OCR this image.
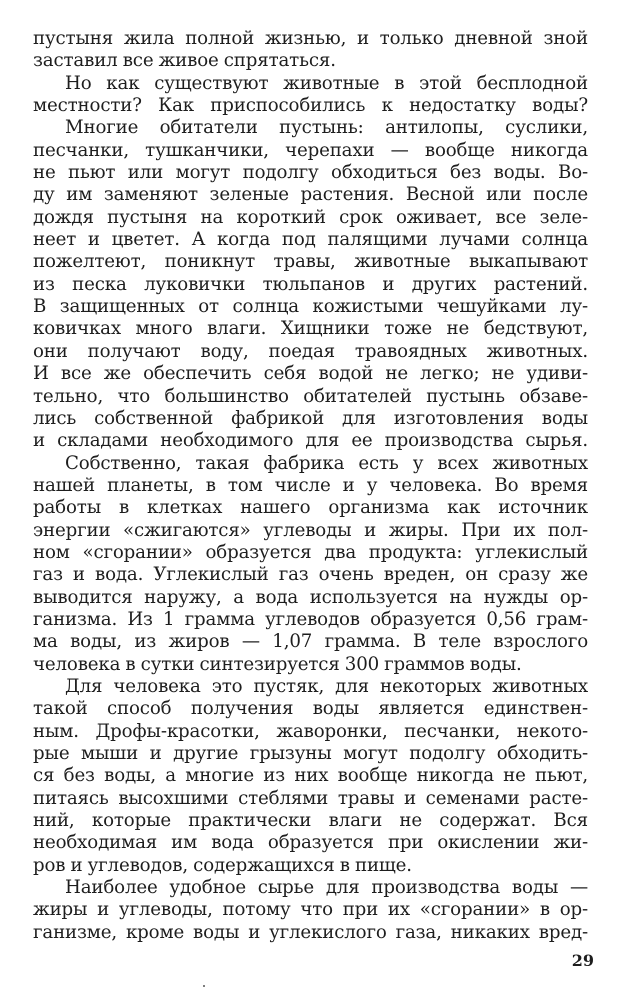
пустыня жила полной жизнью, и только дневной зной
заставил все живое спрятаться.
Но как существуют животные в этой бесплодной
местности? Как приспособились к недостатку воды?
Многие обитатели пустынь: антилопы, суслики,
песчанки, тушканчики, черепахи — вообще никогда
не пьют или могут подолгу обходиться без воды. Во-
ду им заменяют зеленые растения. Весной или после
дождя пустыня на короткий срок оживает, все зеле-
неет и цветет. А когда под палящими лучами солнца
пожелтеют, поникнут травы, животные выкапывают
из песка луковички тюльпанов и других растений.
В защищенных от солнца кожистыми чешуйками лу-
ковичках много влаги. Хищники тоже не бедствуют,
они получают воду, поедая травоядных животных.
И все же обеспечить себя водой не легко; не удиви-
тельно, что большинство обитателей пустынь обзаве-
лись собственной фабрикой для изготовления воды
и складами необходимого для ее производства сырья.
Собственно, такая фабрика есть у всех животных
нашей планеты, в том числе и у человека. Во время
работы в клетках нашего организма как источник
энергии «сжигаются» углеводы и жиры. При их пол-
ном «сгорании» образуется два продукта: углекислый
газ и вода. Углекислый газ очень вреден, он сразу же
выводится наружу, а вода используется на нужды ор-
ганизма. Из 1 грамма углеводов образуется 0,56 грам-
ма воды, из жиров — 1,07 грамма. В теле взрослого
человека в сутки синтезируется 300 граммов воды.
Для человека это пустяк, для некоторых животных
такой способ получения воды является единствен-
ным. Дрофы-красотки, жаворонки, песчанки, некото-
рые мыши и другие грызуны могут подолгу обходить-
ся без воды, а многие из них вообще никогда не пьют,
питаясь высохшими стеблями травы и семенами расте-
ний, которые практически влаги не содержат. Вся
необходимая им вода образуется при окислении жи-
ров и углеводов, содержащихся в пище.
Наиболее удобное сырье для производства воды —
жиры и углеводы, потому что при их «сгорании» в ор-
ганизме, кроме воды и углекислого газа, никаких вред-
29
